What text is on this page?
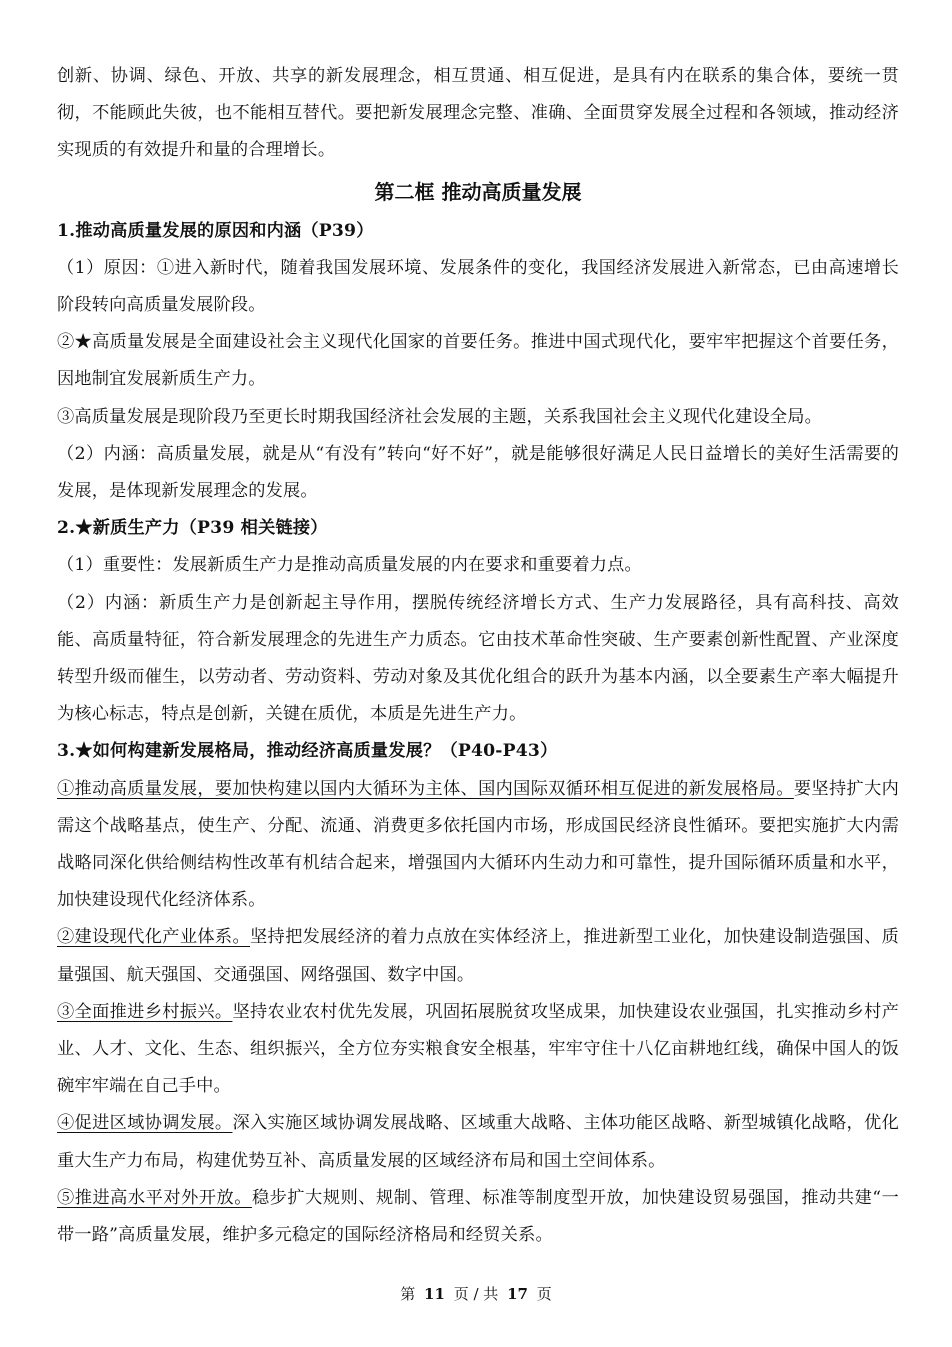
创新、协调、绿色、开放、共享的新发展理念，相互贯通、相互促进，是具有内在联系的集合体，要统一贯彻，不能顾此失彼，也不能相互替代。要把新发展理念完整、准确、全面贯穿发展全过程和各领域，推动经济实现质的有效提升和量的合理增长。

第二框 推动高质量发展

1.推动高质量发展的原因和内涵（P39）

（1）原因：①进入新时代，随着我国发展环境、发展条件的变化，我国经济发展进入新常态，已由高速增长阶段转向高质量发展阶段。

②★高质量发展是全面建设社会主义现代化国家的首要任务。推进中国式现代化，要牢牢把握这个首要任务，因地制宜发展新质生产力。

③高质量发展是现阶段乃至更长时期我国经济社会发展的主题，关系我国社会主义现代化建设全局。

（2）内涵：高质量发展，就是从“有没有”转向“好不好”，就是能够很好满足人民日益增长的美好生活需要的发展，是体现新发展理念的发展。

2.★新质生产力（P39 相关链接）

（1）重要性：发展新质生产力是推动高质量发展的内在要求和重要着力点。

（2）内涵：新质生产力是创新起主导作用，摆脱传统经济增长方式、生产力发展路径，具有高科技、高效能、高质量特征，符合新发展理念的先进生产力质态。它由技术革命性突破、生产要素创新性配置、产业深度转型升级而催生，以劳动者、劳动资料、劳动对象及其优化组合的跃升为基本内涵，以全要素生产率大幅提升为核心标志，特点是创新，关键在质优，本质是先进生产力。

3.★如何构建新发展格局，推动经济高质量发展？（P40-P43）

①推动高质量发展，要加快构建以国内大循环为主体、国内国际双循环相互促进的新发展格局。要坚持扩大内需这个战略基点，使生产、分配、流通、消费更多依托国内市场，形成国民经济良性循环。要把实施扩大内需战略同深化供给侧结构性改革有机结合起来，增强国内大循环内生动力和可靠性，提升国际循环质量和水平，加快建设现代化经济体系。

②建设现代化产业体系。坚持把发展经济的着力点放在实体经济上，推进新型工业化，加快建设制造强国、质量强国、航天强国、交通强国、网络强国、数字中国。

③全面推进乡村振兴。坚持农业农村优先发展，巩固拓展脱贫攻坚成果，加快建设农业强国，扎实推动乡村产业、人才、文化、生态、组织振兴，全方位夯实粮食安全根基，牢牢守住十八亿亩耕地红线，确保中国人的饭碗牢牢端在自己手中。

④促进区域协调发展。深入实施区域协调发展战略、区域重大战略、主体功能区战略、新型城镇化战略，优化重大生产力布局，构建优势互补、高质量发展的区域经济布局和国土空间体系。

⑤推进高水平对外开放。稳步扩大规则、规制、管理、标准等制度型开放，加快建设贸易强国，推动共建“一带一路”高质量发展，维护多元稳定的国际经济格局和经贸关系。

第 11 页 / 共 17 页
